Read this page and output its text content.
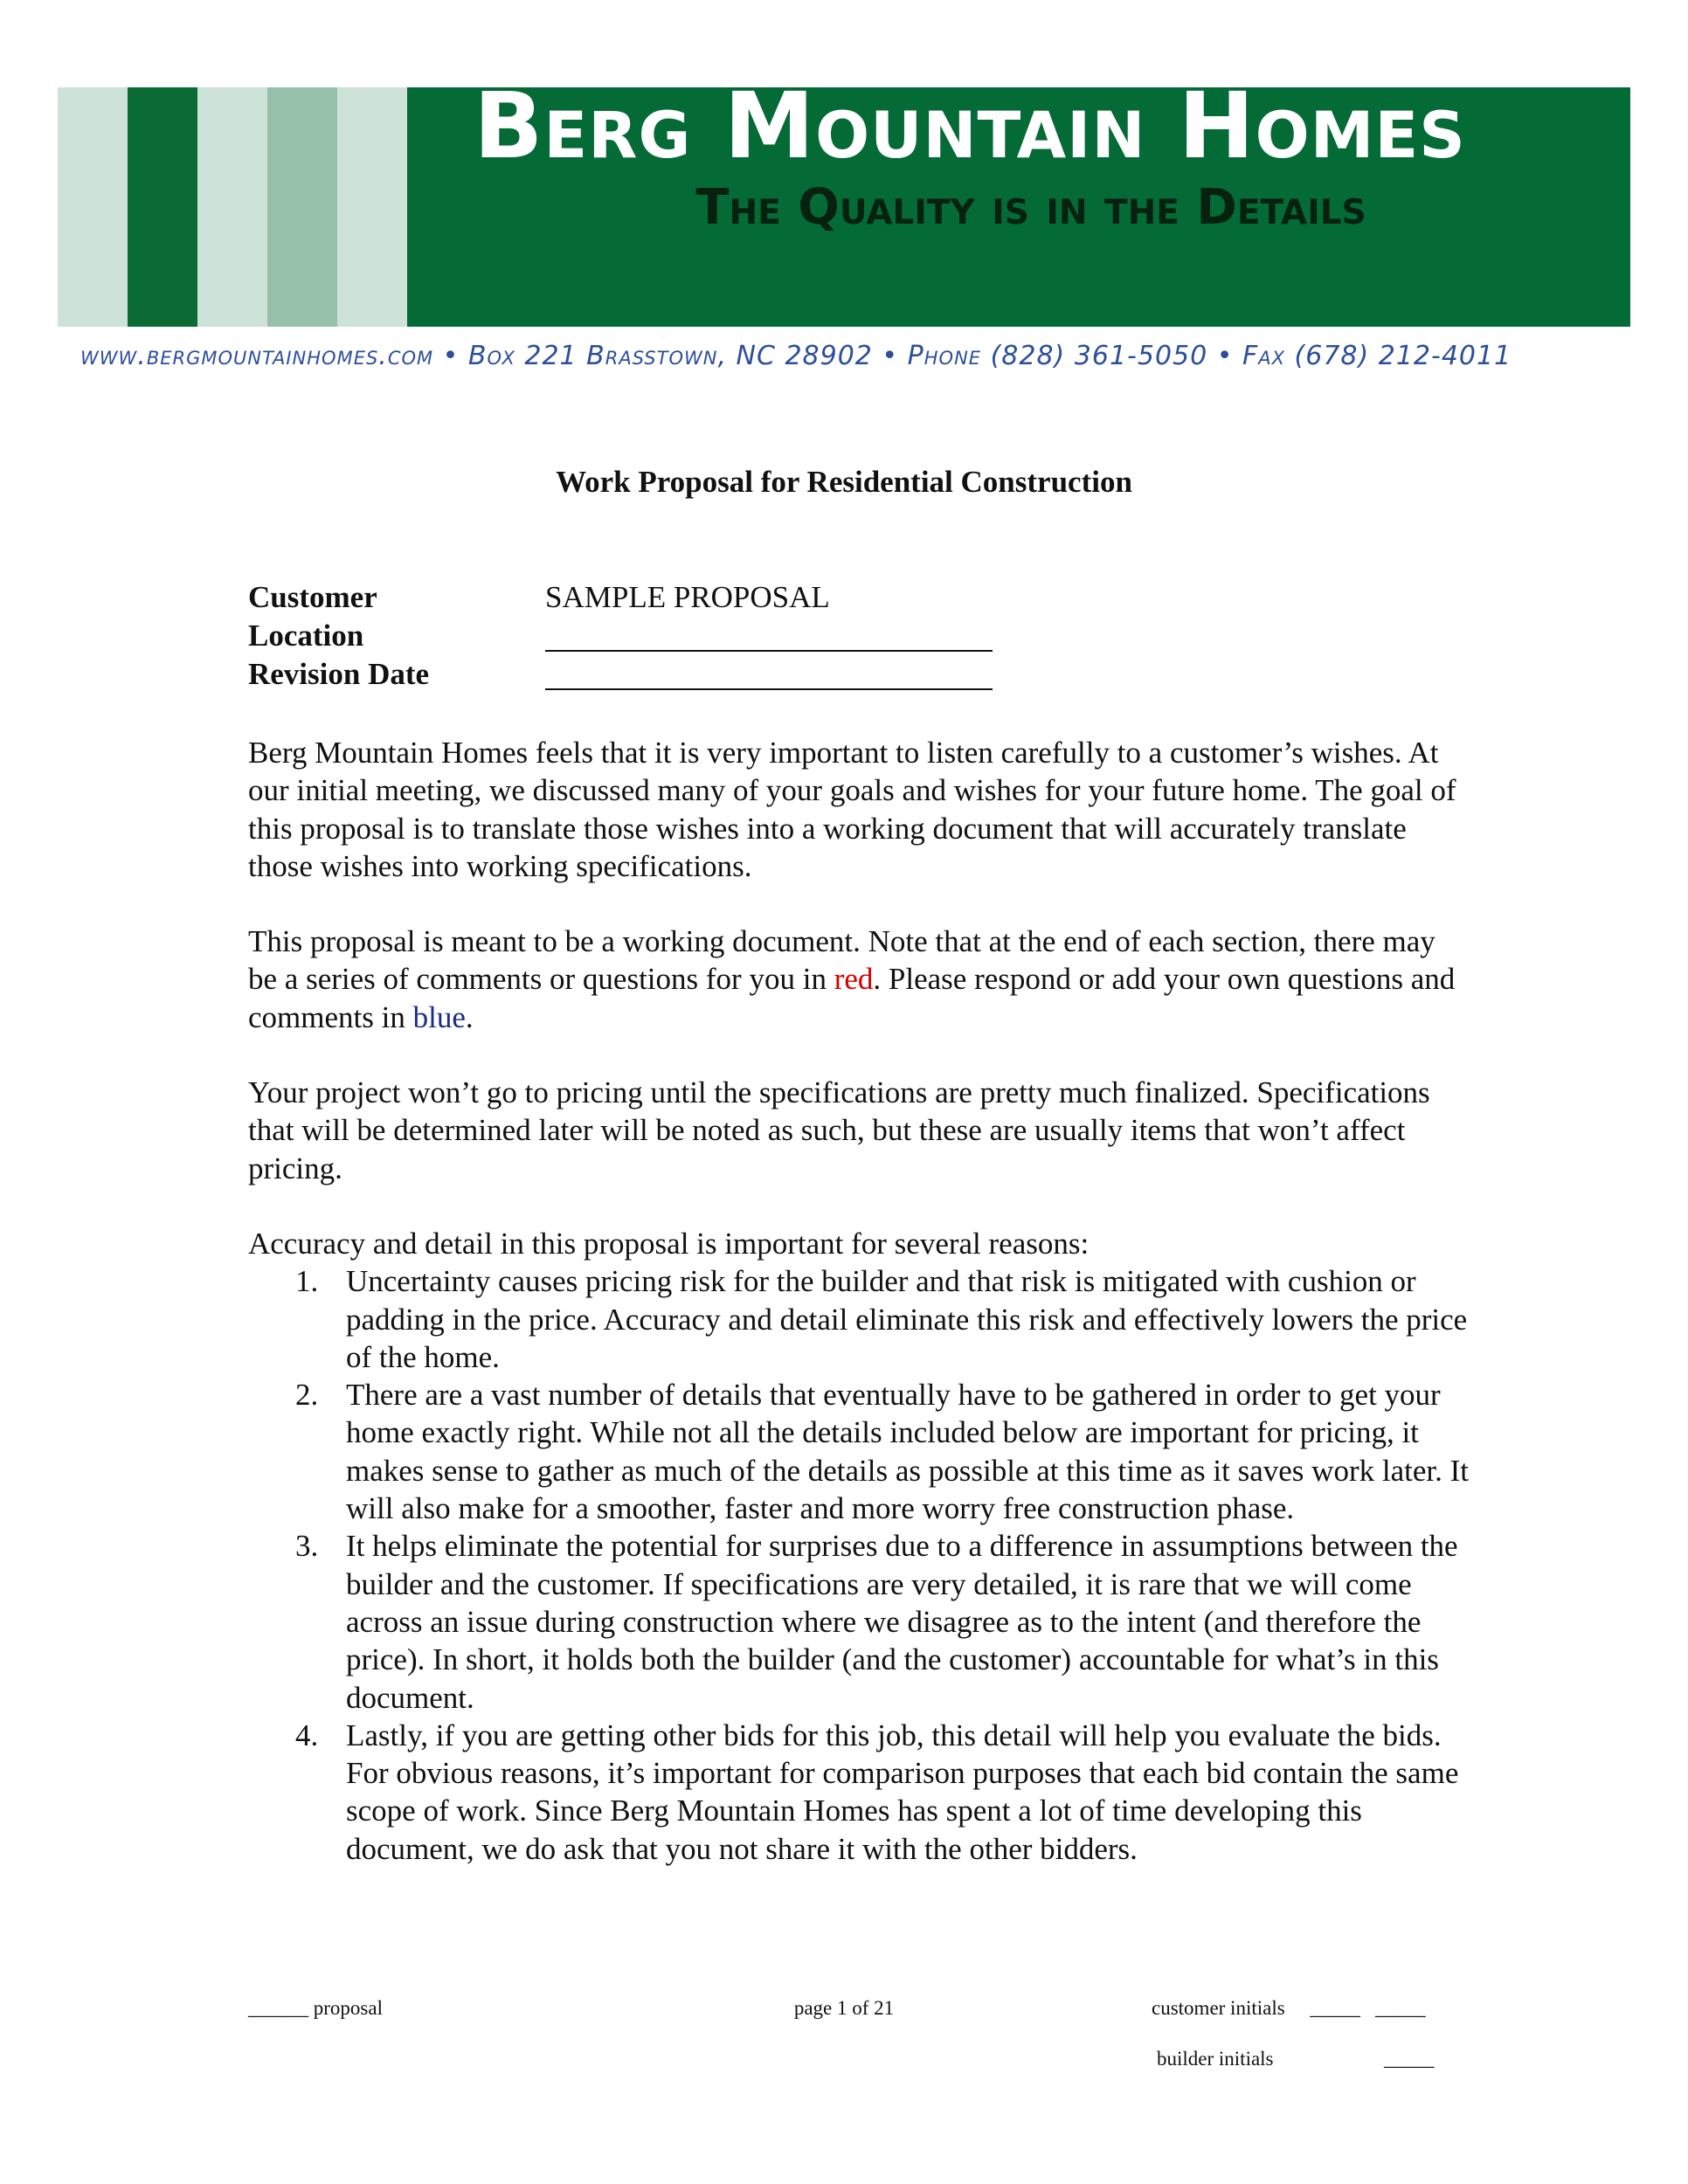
Berg Mountain Homes
The Quality is in the Details
www.bergmountainhomes.com • Box 221 Brasstown, NC 28902 • Phone (828) 361-5050 • Fax (678) 212-4011
Work Proposal for Residential Construction
Customer	SAMPLE PROPOSAL
Location
Revision Date

Berg Mountain Homes feels that it is very important to listen carefully to a customer’s wishes. At our initial meeting, we discussed many of your goals and wishes for your future home. The goal of this proposal is to translate those wishes into a working document that will accurately translate those wishes into working specifications.

This proposal is meant to be a working document. Note that at the end of each section, there may be a series of comments or questions for you in red. Please respond or add your own questions and comments in blue.

Your project won’t go to pricing until the specifications are pretty much finalized. Specifications that will be determined later will be noted as such, but these are usually items that won’t affect pricing.

Accuracy and detail in this proposal is important for several reasons:
1. Uncertainty causes pricing risk for the builder and that risk is mitigated with cushion or padding in the price. Accuracy and detail eliminate this risk and effectively lowers the price of the home.
2. There are a vast number of details that eventually have to be gathered in order to get your home exactly right. While not all the details included below are important for pricing, it makes sense to gather as much of the details as possible at this time as it saves work later. It will also make for a smoother, faster and more worry free construction phase.
3. It helps eliminate the potential for surprises due to a difference in assumptions between the builder and the customer. If specifications are very detailed, it is rare that we will come across an issue during construction where we disagree as to the intent (and therefore the price). In short, it holds both the builder (and the customer) accountable for what’s in this document.
4. Lastly, if you are getting other bids for this job, this detail will help you evaluate the bids. For obvious reasons, it’s important for comparison purposes that each bid contain the same scope of work. Since Berg Mountain Homes has spent a lot of time developing this document, we do ask that you not share it with the other bidders.
______ proposal	page 1 of 21	customer initials     _____   _____
builder initials                      _____
